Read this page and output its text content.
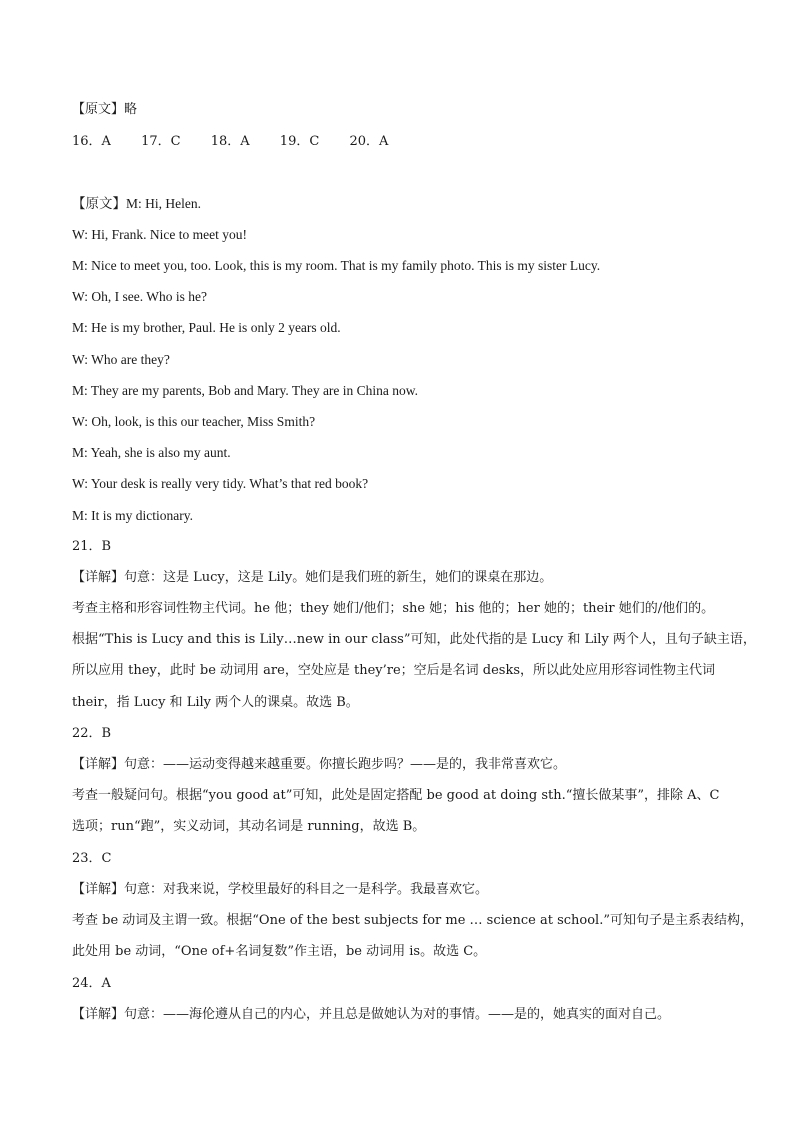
【原文】略
16．A 17．C 18．A 19．C 20．A
【原文】M: Hi, Helen.
W: Hi, Frank. Nice to meet you!
M: Nice to meet you, too. Look, this is my room. That is my family photo. This is my sister Lucy.
W: Oh, I see. Who is he?
M: He is my brother, Paul. He is only 2 years old.
W: Who are they?
M: They are my parents, Bob and Mary. They are in China now.
W: Oh, look, is this our teacher, Miss Smith?
M: Yeah, she is also my aunt.
W: Your desk is really very tidy. What’s that red book?
M: It is my dictionary.
21．B
【详解】句意：这是 Lucy，这是 Lily。她们是我们班的新生，她们的课桌在那边。
考查主格和形容词性物主代词。he 他；they 她们/他们；she 她；his 他的；her 她的；their 她们的/他们的。
根据“This is Lucy and this is Lily…new in our class”可知，此处代指的是 Lucy 和 Lily 两个人，且句子缺主语，
所以应用 they，此时 be 动词用 are，空处应是 they’re；空后是名词 desks，所以此处应用形容词性物主代词
their，指 Lucy 和 Lily 两个人的课桌。故选 B。
22．B
【详解】句意：——运动变得越来越重要。你擅长跑步吗？——是的，我非常喜欢它。
考查一般疑问句。根据“you good at”可知，此处是固定搭配 be good at doing sth.“擅长做某事”，排除 A、C
选项；run“跑”，实义动词，其动名词是 running，故选 B。
23．C
【详解】句意：对我来说，学校里最好的科目之一是科学。我最喜欢它。
考查 be 动词及主谓一致。根据“One of the best subjects for me … science at school.”可知句子是主系表结构，
此处用 be 动词，“One of+名词复数”作主语，be 动词用 is。故选 C。
24．A
【详解】句意：——海伦遵从自己的内心，并且总是做她认为对的事情。——是的，她真实的面对自己。
